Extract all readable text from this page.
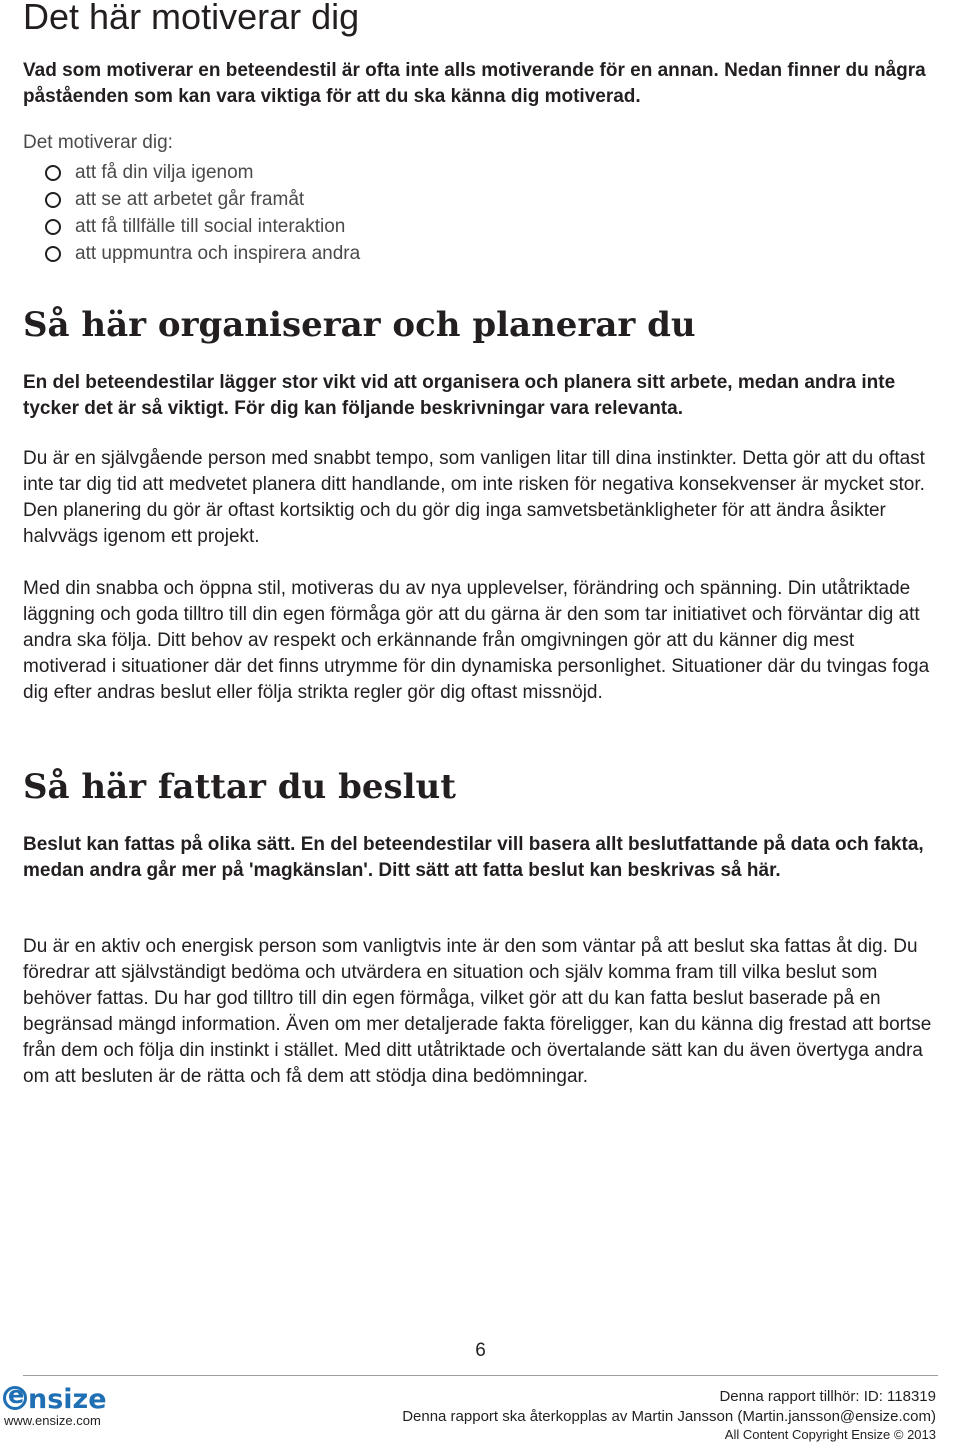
Det här motiverar dig

Vad som motiverar en beteendestil är ofta inte alls motiverande för en annan. Nedan finner du några påståenden som kan vara viktiga för att du ska känna dig motiverad.

Det motiverar dig:
att få din vilja igenom
att se att arbetet går framåt
att få tillfälle till social interaktion
att uppmuntra och inspirera andra
Så här organiserar och planerar du

En del beteendestilar lägger stor vikt vid att organisera och planera sitt arbete, medan andra inte tycker det är så viktigt. För dig kan följande beskrivningar vara relevanta.

Du är en självgående person med snabbt tempo, som vanligen litar till dina instinkter. Detta gör att du oftast inte tar dig tid att medvetet planera ditt handlande, om inte risken för negativa konsekvenser är mycket stor. Den planering du gör är oftast kortsiktig och du gör dig inga samvetsbetänkligheter för att ändra åsikter halvvägs igenom ett projekt.

Med din snabba och öppna stil, motiveras du av nya upplevelser, förändring och spänning. Din utåtriktade läggning och goda tilltro till din egen förmåga gör att du gärna är den som tar initiativet och förväntar dig att andra ska följa. Ditt behov av respekt och erkännande från omgivningen gör att du känner dig mest motiverad i situationer där det finns utrymme för din dynamiska personlighet. Situationer där du tvingas foga dig efter andras beslut eller följa strikta regler gör dig oftast missnöjd.

Så här fattar du beslut

Beslut kan fattas på olika sätt. En del beteendestilar vill basera allt beslutfattande på data och fakta, medan andra går mer på 'magkänslan'. Ditt sätt att fatta beslut kan beskrivas så här.

Du är en aktiv och energisk person som vanligtvis inte är den som väntar på att beslut ska fattas åt dig. Du föredrar att självständigt bedöma och utvärdera en situation och själv komma fram till vilka beslut som behöver fattas. Du har god tilltro till din egen förmåga, vilket gör att du kan fatta beslut baserade på en begränsad mängd information. Även om mer detaljerade fakta föreligger, kan du känna dig frestad att bortse från dem och följa din instinkt i stället. Med ditt utåtriktade och övertalande sätt kan du även övertyga andra om att besluten är de rätta och få dem att stödja dina bedömningar.

6
ensize
www.ensize.com
Denna rapport tillhör: ID: 118319
Denna rapport ska återkopplas av Martin Jansson (Martin.jansson@ensize.com)
All Content Copyright Ensize © 2013
